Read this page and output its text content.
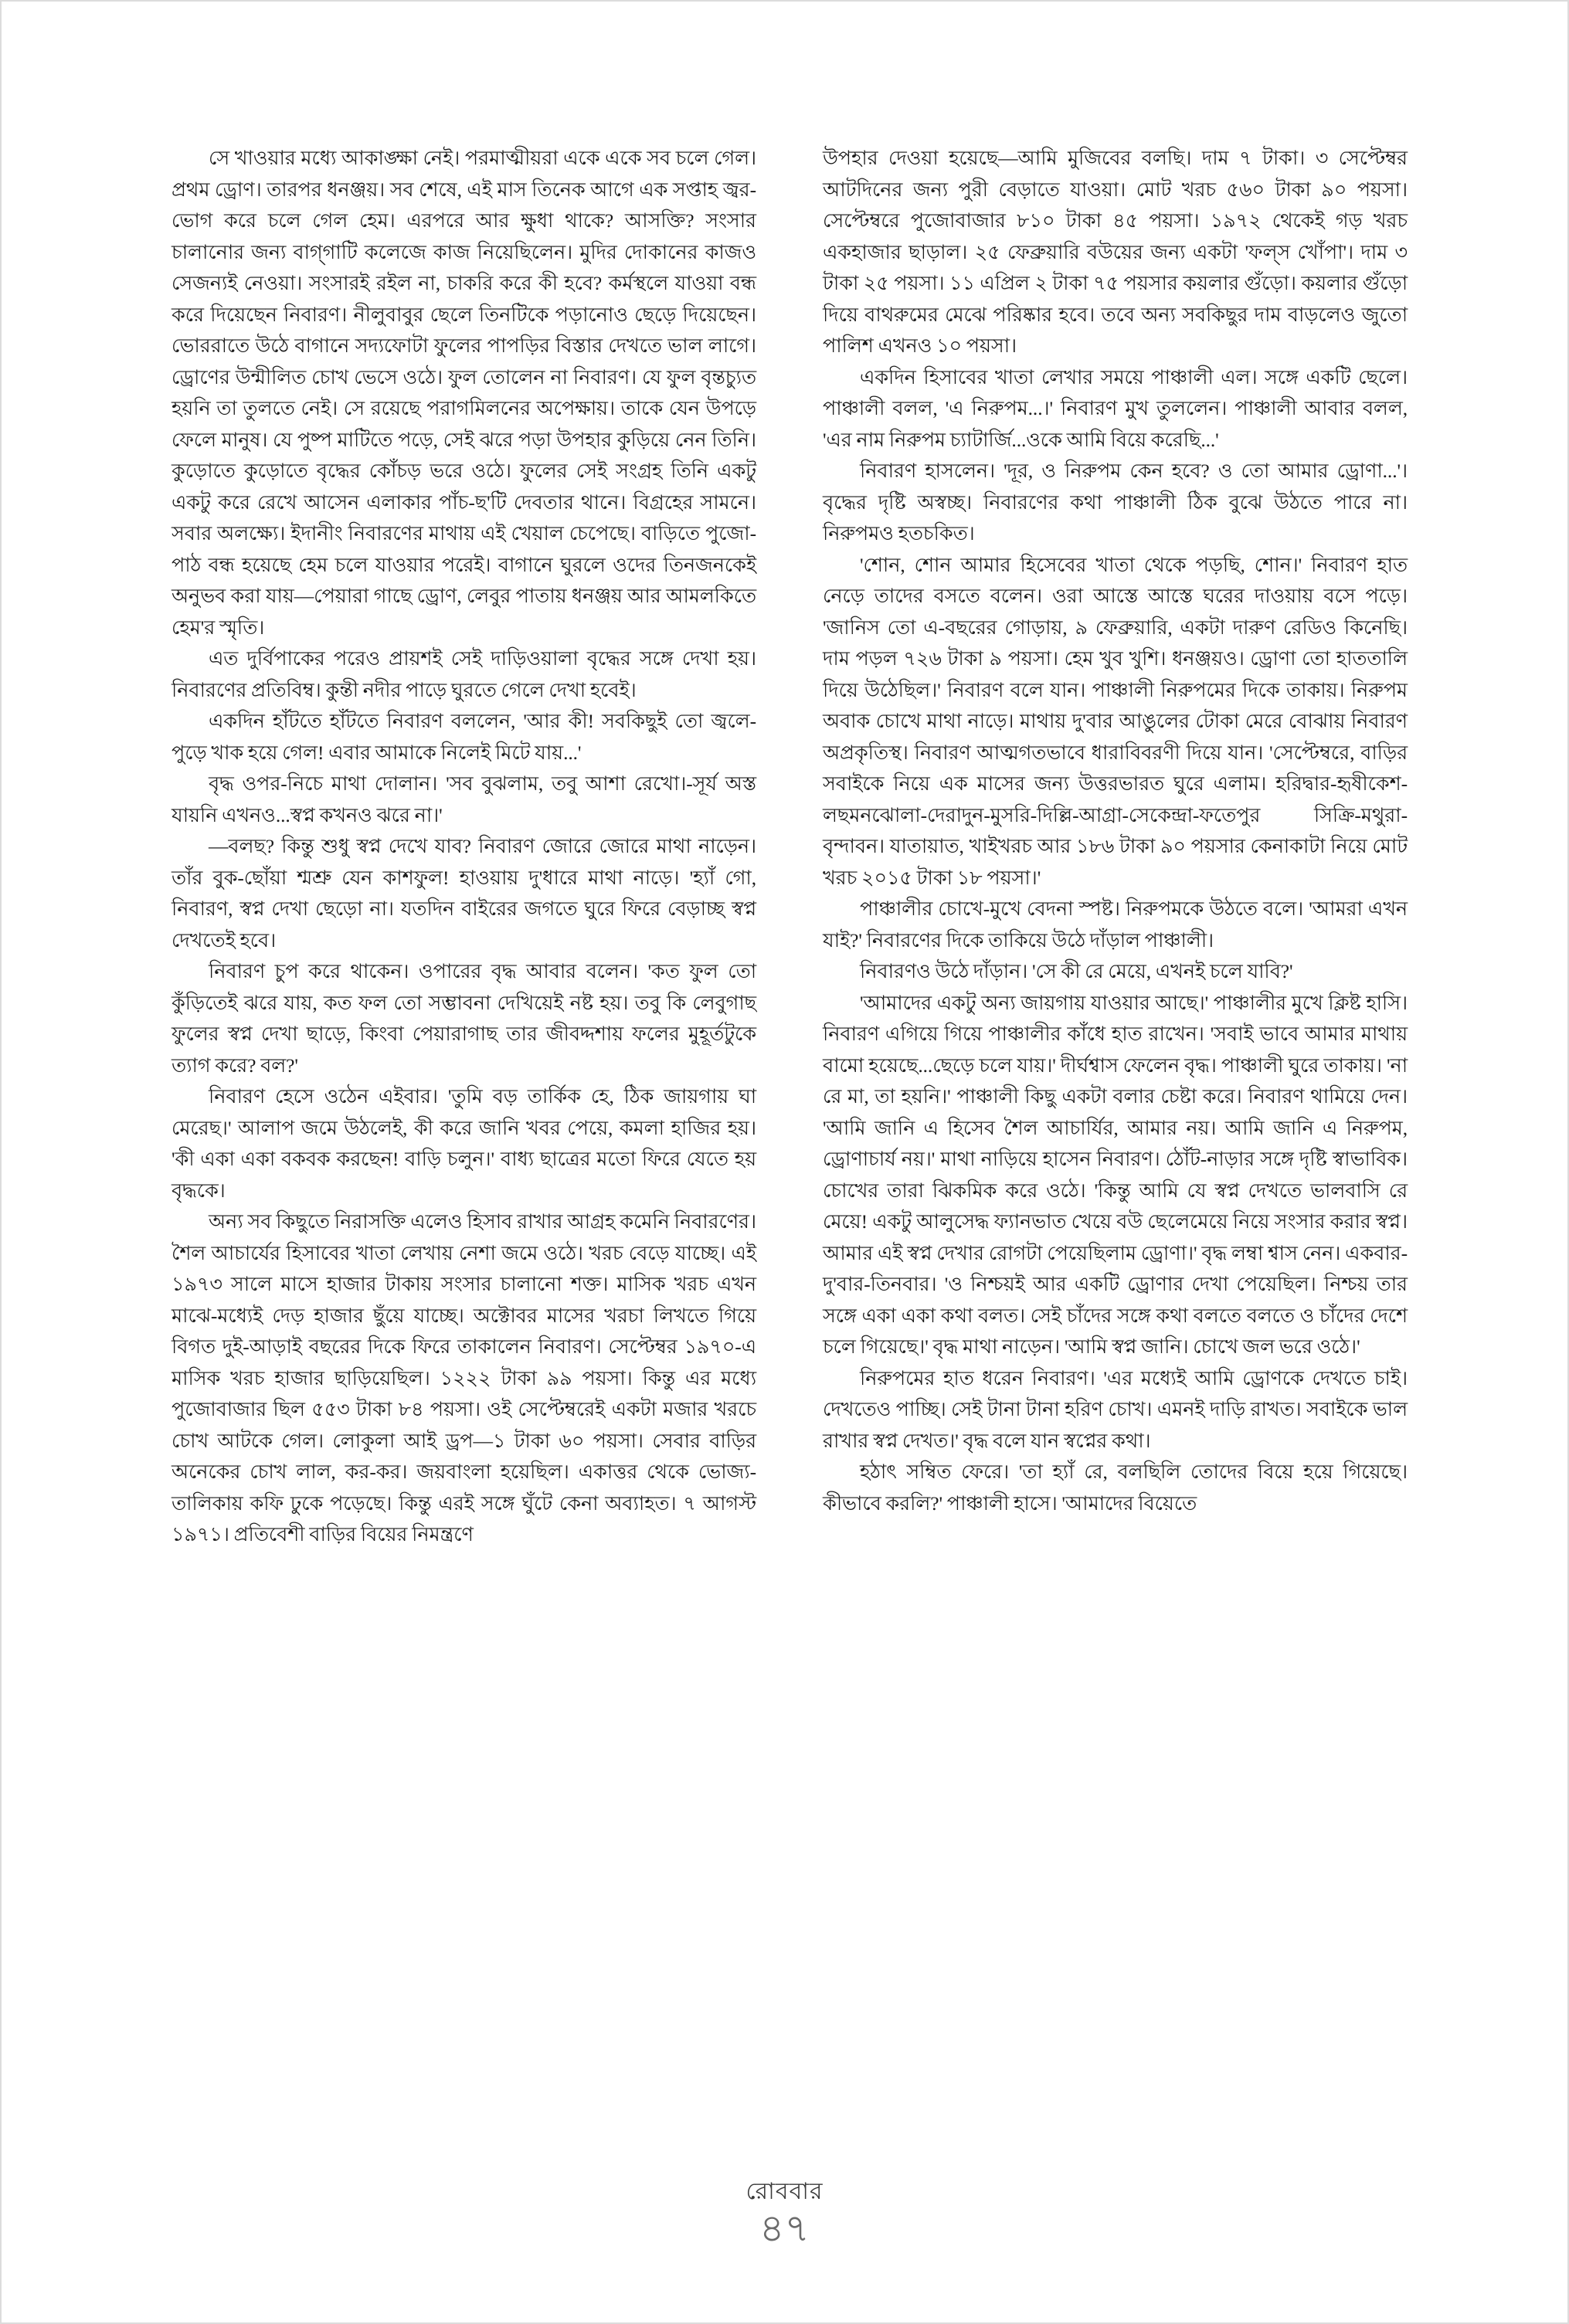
সে খাওয়ার মধ্যে আকাঙ্ক্ষা নেই। পরমাত্মীয়রা একে একে সব চলে গেল। প্রথম ড্রোণ। তারপর ধনঞ্জয়। সব শেষে, এই মাস তিনেক আগে এক সপ্তাহ জ্বর-ভোগ করে চলে গেল হেম। এরপরে আর ক্ষুধা থাকে? আসক্তি? সংসার চালানোর জন্য বাগ্‌গাটি কলেজে কাজ নিয়েছিলেন। মুদির দোকানের কাজও সেজন্যই নেওয়া। সংসারই রইল না, চাকরি করে কী হবে? কর্মস্থলে যাওয়া বন্ধ করে দিয়েছেন নিবারণ। নীলুবাবুর ছেলে তিনটিকে পড়ানোও ছেড়ে দিয়েছেন। ভোররাতে উঠে বাগানে সদ্যফোটা ফুলের পাপড়ির বিস্তার দেখতে ভাল লাগে। ড্রোণের উন্মীলিত চোখ ভেসে ওঠে। ফুল তোলেন না নিবারণ। যে ফুল বৃন্তচ্যুত হয়নি তা তুলতে নেই। সে রয়েছে পরাগমিলনের অপেক্ষায়। তাকে যেন উপড়ে ফেলে মানুষ। যে পুষ্প মাটিতে পড়ে, সেই ঝরে পড়া উপহার কুড়িয়ে নেন তিনি। কুড়োতে কুড়োতে বৃদ্ধের কোঁচড় ভরে ওঠে। ফুলের সেই সংগ্রহ তিনি একটু একটু করে রেখে আসেন এলাকার পাঁচ-ছ'টি দেবতার থানে। বিগ্রহের সামনে। সবার অলক্ষ্যে। ইদানীং নিবারণের মাথায় এই খেয়াল চেপেছে। বাড়িতে পুজো-পাঠ বন্ধ হয়েছে হেম চলে যাওয়ার পরেই। বাগানে ঘুরলে ওদের তিনজনকেই অনুভব করা যায়—পেয়ারা গাছে ড্রোণ, লেবুর পাতায় ধনঞ্জয় আর আমলকিতে হেম'র স্মৃতি।

এত দুর্বিপাকের পরেও প্রায়শই সেই দাড়িওয়ালা বৃদ্ধের সঙ্গে দেখা হয়। নিবারণের প্রতিবিম্ব। কুন্তী নদীর পাড়ে ঘুরতে গেলে দেখা হবেই।

একদিন হাঁটতে হাঁটতে নিবারণ বললেন, 'আর কী! সবকিছুই তো জ্বলে-পুড়ে খাক হয়ে গেল! এবার আমাকে নিলেই মিটে যায়...'

বৃদ্ধ ওপর-নিচে মাথা দোলান। 'সব বুঝলাম, তবু আশা রেখো।-সূর্য অস্ত যায়নি এখনও...স্বপ্ন কখনও ঝরে না।'

—বলছ? কিন্তু শুধু স্বপ্ন দেখে যাব? নিবারণ জোরে জোরে মাথা নাড়েন। তাঁর বুক-ছোঁয়া শ্মশ্রু যেন কাশফুল! হাওয়ায় দু'ধারে মাথা নাড়ে। 'হ্যাঁ গো, নিবারণ, স্বপ্ন দেখা ছেড়ো না। যতদিন বাইরের জগতে ঘুরে ফিরে বেড়াচ্ছ স্বপ্ন দেখতেই হবে।

নিবারণ চুপ করে থাকেন। ওপারের বৃদ্ধ আবার বলেন। 'কত ফুল তো কুঁড়িতেই ঝরে যায়, কত ফল তো সম্ভাবনা দেখিয়েই নষ্ট হয়। তবু কি লেবুগাছ ফুলের স্বপ্ন দেখা ছাড়ে, কিংবা পেয়ারাগাছ তার জীবদ্দশায় ফলের মুহূর্তটুকে ত্যাগ করে? বল?'

নিবারণ হেসে ওঠেন এইবার। 'তুমি বড় তার্কিক হে, ঠিক জায়গায় ঘা মেরেছ।' আলাপ জমে উঠলেই, কী করে জানি খবর পেয়ে, কমলা হাজির হয়। 'কী একা একা বকবক করছেন! বাড়ি চলুন।' বাধ্য ছাত্রের মতো ফিরে যেতে হয় বৃদ্ধকে।

অন্য সব কিছুতে নিরাসক্তি এলেও হিসাব রাখার আগ্রহ কমেনি নিবারণের। শৈল আচার্যের হিসাবের খাতা লেখায় নেশা জমে ওঠে। খরচ বেড়ে যাচ্ছে। এই ১৯৭৩ সালে মাসে হাজার টাকায় সংসার চালানো শক্ত। মাসিক খরচ এখন মাঝে-মধ্যেই দেড় হাজার ছুঁয়ে যাচ্ছে। অক্টোবর মাসের খরচা লিখতে গিয়ে বিগত দুই-আড়াই বছরের দিকে ফিরে তাকালেন নিবারণ। সেপ্টেম্বর ১৯৭০-এ মাসিক খরচ হাজার ছাড়িয়েছিল। ১২২২ টাকা ৯৯ পয়সা। কিন্তু এর মধ্যে পুজোবাজার ছিল ৫৫৩ টাকা ৮৪ পয়সা। ওই সেপ্টেম্বরেই একটা মজার খরচে চোখ আটকে গেল। লোকুলা আই ড্রপ—১ টাকা ৬০ পয়সা। সেবার বাড়ির অনেকের চোখ লাল, কর-কর। জয়বাংলা হয়েছিল। একাত্তর থেকে ভোজ্য-তালিকায় কফি ঢুকে পড়েছে। কিন্তু এরই সঙ্গে ঘুঁটে কেনা অব্যাহত। ৭ আগস্ট ১৯৭১। প্রতিবেশী বাড়ির বিয়ের নিমন্ত্রণে

উপহার দেওয়া হয়েছে—আমি মুজিবের বলছি। দাম ৭ টাকা। ৩ সেপ্টেম্বর আটদিনের জন্য পুরী বেড়াতে যাওয়া। মোট খরচ ৫৬০ টাকা ৯০ পয়সা। সেপ্টেম্বরে পুজোবাজার ৮১০ টাকা ৪৫ পয়সা। ১৯৭২ থেকেই গড় খরচ একহাজার ছাড়াল। ২৫ ফেব্রুয়ারি বউয়ের জন্য একটা 'ফল্‌স খোঁপা'। দাম ৩ টাকা ২৫ পয়সা। ১১ এপ্রিল ২ টাকা ৭৫ পয়সার কয়লার গুঁড়ো। কয়লার গুঁড়ো দিয়ে বাথরুমের মেঝে পরিষ্কার হবে। তবে অন্য সবকিছুর দাম বাড়লেও জুতো পালিশ এখনও ১০ পয়সা।

একদিন হিসাবের খাতা লেখার সময়ে পাঞ্চালী এল। সঙ্গে একটি ছেলে। পাঞ্চালী বলল, 'এ নিরুপম...।' নিবারণ মুখ তুললেন। পাঞ্চালী আবার বলল, 'এর নাম নিরুপম চ্যাটার্জি...ওকে আমি বিয়ে করেছি...'

নিবারণ হাসলেন। 'দূর, ও নিরুপম কেন হবে? ও তো আমার ড্রোণা...'। বৃদ্ধের দৃষ্টি অস্বচ্ছ। নিবারণের কথা পাঞ্চালী ঠিক বুঝে উঠতে পারে না। নিরুপমও হতচকিত।

'শোন, শোন আমার হিসেবের খাতা থেকে পড়ছি, শোন।' নিবারণ হাত নেড়ে তাদের বসতে বলেন। ওরা আস্তে আস্তে ঘরের দাওয়ায় বসে পড়ে। 'জানিস তো এ-বছরের গোড়ায়, ৯ ফেব্রুয়ারি, একটা দারুণ রেডিও কিনেছি। দাম পড়ল ৭২৬ টাকা ৯ পয়সা। হেম খুব খুশি। ধনঞ্জয়ও। ড্রোণা তো হাততালি দিয়ে উঠেছিল।' নিবারণ বলে যান। পাঞ্চালী নিরুপমের দিকে তাকায়। নিরুপম অবাক চোখে মাথা নাড়ে। মাথায় দু'বার আঙুলের টোকা মেরে বোঝায় নিবারণ অপ্রকৃতিস্থ। নিবারণ আত্মগতভাবে ধারাবিবরণী দিয়ে যান। 'সেপ্টেম্বরে, বাড়ির সবাইকে নিয়ে এক মাসের জন্য উত্তরভারত ঘুরে এলাম। হরিদ্বার-হৃষীকেশ-লছমনঝোলা-দেরাদুন-মুসরি-দিল্লি-আগ্রা-সেকেন্দ্রা-ফতেপুর সিক্রি-মথুরা-বৃন্দাবন। যাতায়াত, খাইখরচ আর ১৮৬ টাকা ৯০ পয়সার কেনাকাটা নিয়ে মোট খরচ ২০১৫ টাকা ১৮ পয়সা।'

পাঞ্চালীর চোখে-মুখে বেদনা স্পষ্ট। নিরুপমকে উঠতে বলে। 'আমরা এখন যাই?' নিবারণের দিকে তাকিয়ে উঠে দাঁড়াল পাঞ্চালী।

নিবারণও উঠে দাঁড়ান। 'সে কী রে মেয়ে, এখনই চলে যাবি?'

'আমাদের একটু অন্য জায়গায় যাওয়ার আছে।' পাঞ্চালীর মুখে ক্লিষ্ট হাসি। নিবারণ এগিয়ে গিয়ে পাঞ্চালীর কাঁধে হাত রাখেন। 'সবাই ভাবে আমার মাথায় বামাে হয়েছে...ছেড়ে চলে যায়।' দীর্ঘশ্বাস ফেলেন বৃদ্ধ। পাঞ্চালী ঘুরে তাকায়। 'না রে মা, তা হয়নি।' পাঞ্চালী কিছু একটা বলার চেষ্টা করে। নিবারণ থামিয়ে দেন। 'আমি জানি এ হিসেব শৈল আচার্যির, আমার নয়। আমি জানি এ নিরুপম, ড্রোণাচার্য নয়।' মাথা নাড়িয়ে হাসেন নিবারণ। ঠোঁট-নাড়ার সঙ্গে দৃষ্টি স্বাভাবিক। চোখের তারা ঝিকমিক করে ওঠে। 'কিন্তু আমি যে স্বপ্ন দেখতে ভালবাসি রে মেয়ে! একটু আলুসেদ্ধ ফ্যানভাত খেয়ে বউ ছেলেমেয়ে নিয়ে সংসার করার স্বপ্ন। আমার এই স্বপ্ন দেখার রোগটা পেয়েছিলাম ড্রোণা।' বৃদ্ধ লম্বা শ্বাস নেন। একবার-দু'বার-তিনবার। 'ও নিশ্চয়ই আর একটি ড্রোণার দেখা পেয়েছিল। নিশ্চয় তার সঙ্গে একা একা কথা বলত। সেই চাঁদের সঙ্গে কথা বলতে বলতে ও চাঁদের দেশে চলে গিয়েছে।' বৃদ্ধ মাথা নাড়েন। 'আমি স্বপ্ন জানি। চোখে জল ভরে ওঠে।'

নিরুপমের হাত ধরেন নিবারণ। 'এর মধ্যেই আমি ড্রোণকে দেখতে চাই। দেখতেও পাচ্ছি। সেই টানা টানা হরিণ চোখ। এমনই দাড়ি রাখত। সবাইকে ভাল রাখার স্বপ্ন দেখত।' বৃদ্ধ বলে যান স্বপ্নের কথা।

হঠাৎ সম্বিত ফেরে। 'তা হ্যাঁ রে, বলছিলি তোদের বিয়ে হয়ে গিয়েছে। কীভাবে করলি?' পাঞ্চালী হাসে। 'আমাদের বিয়েতে

রোববার
৪৭
